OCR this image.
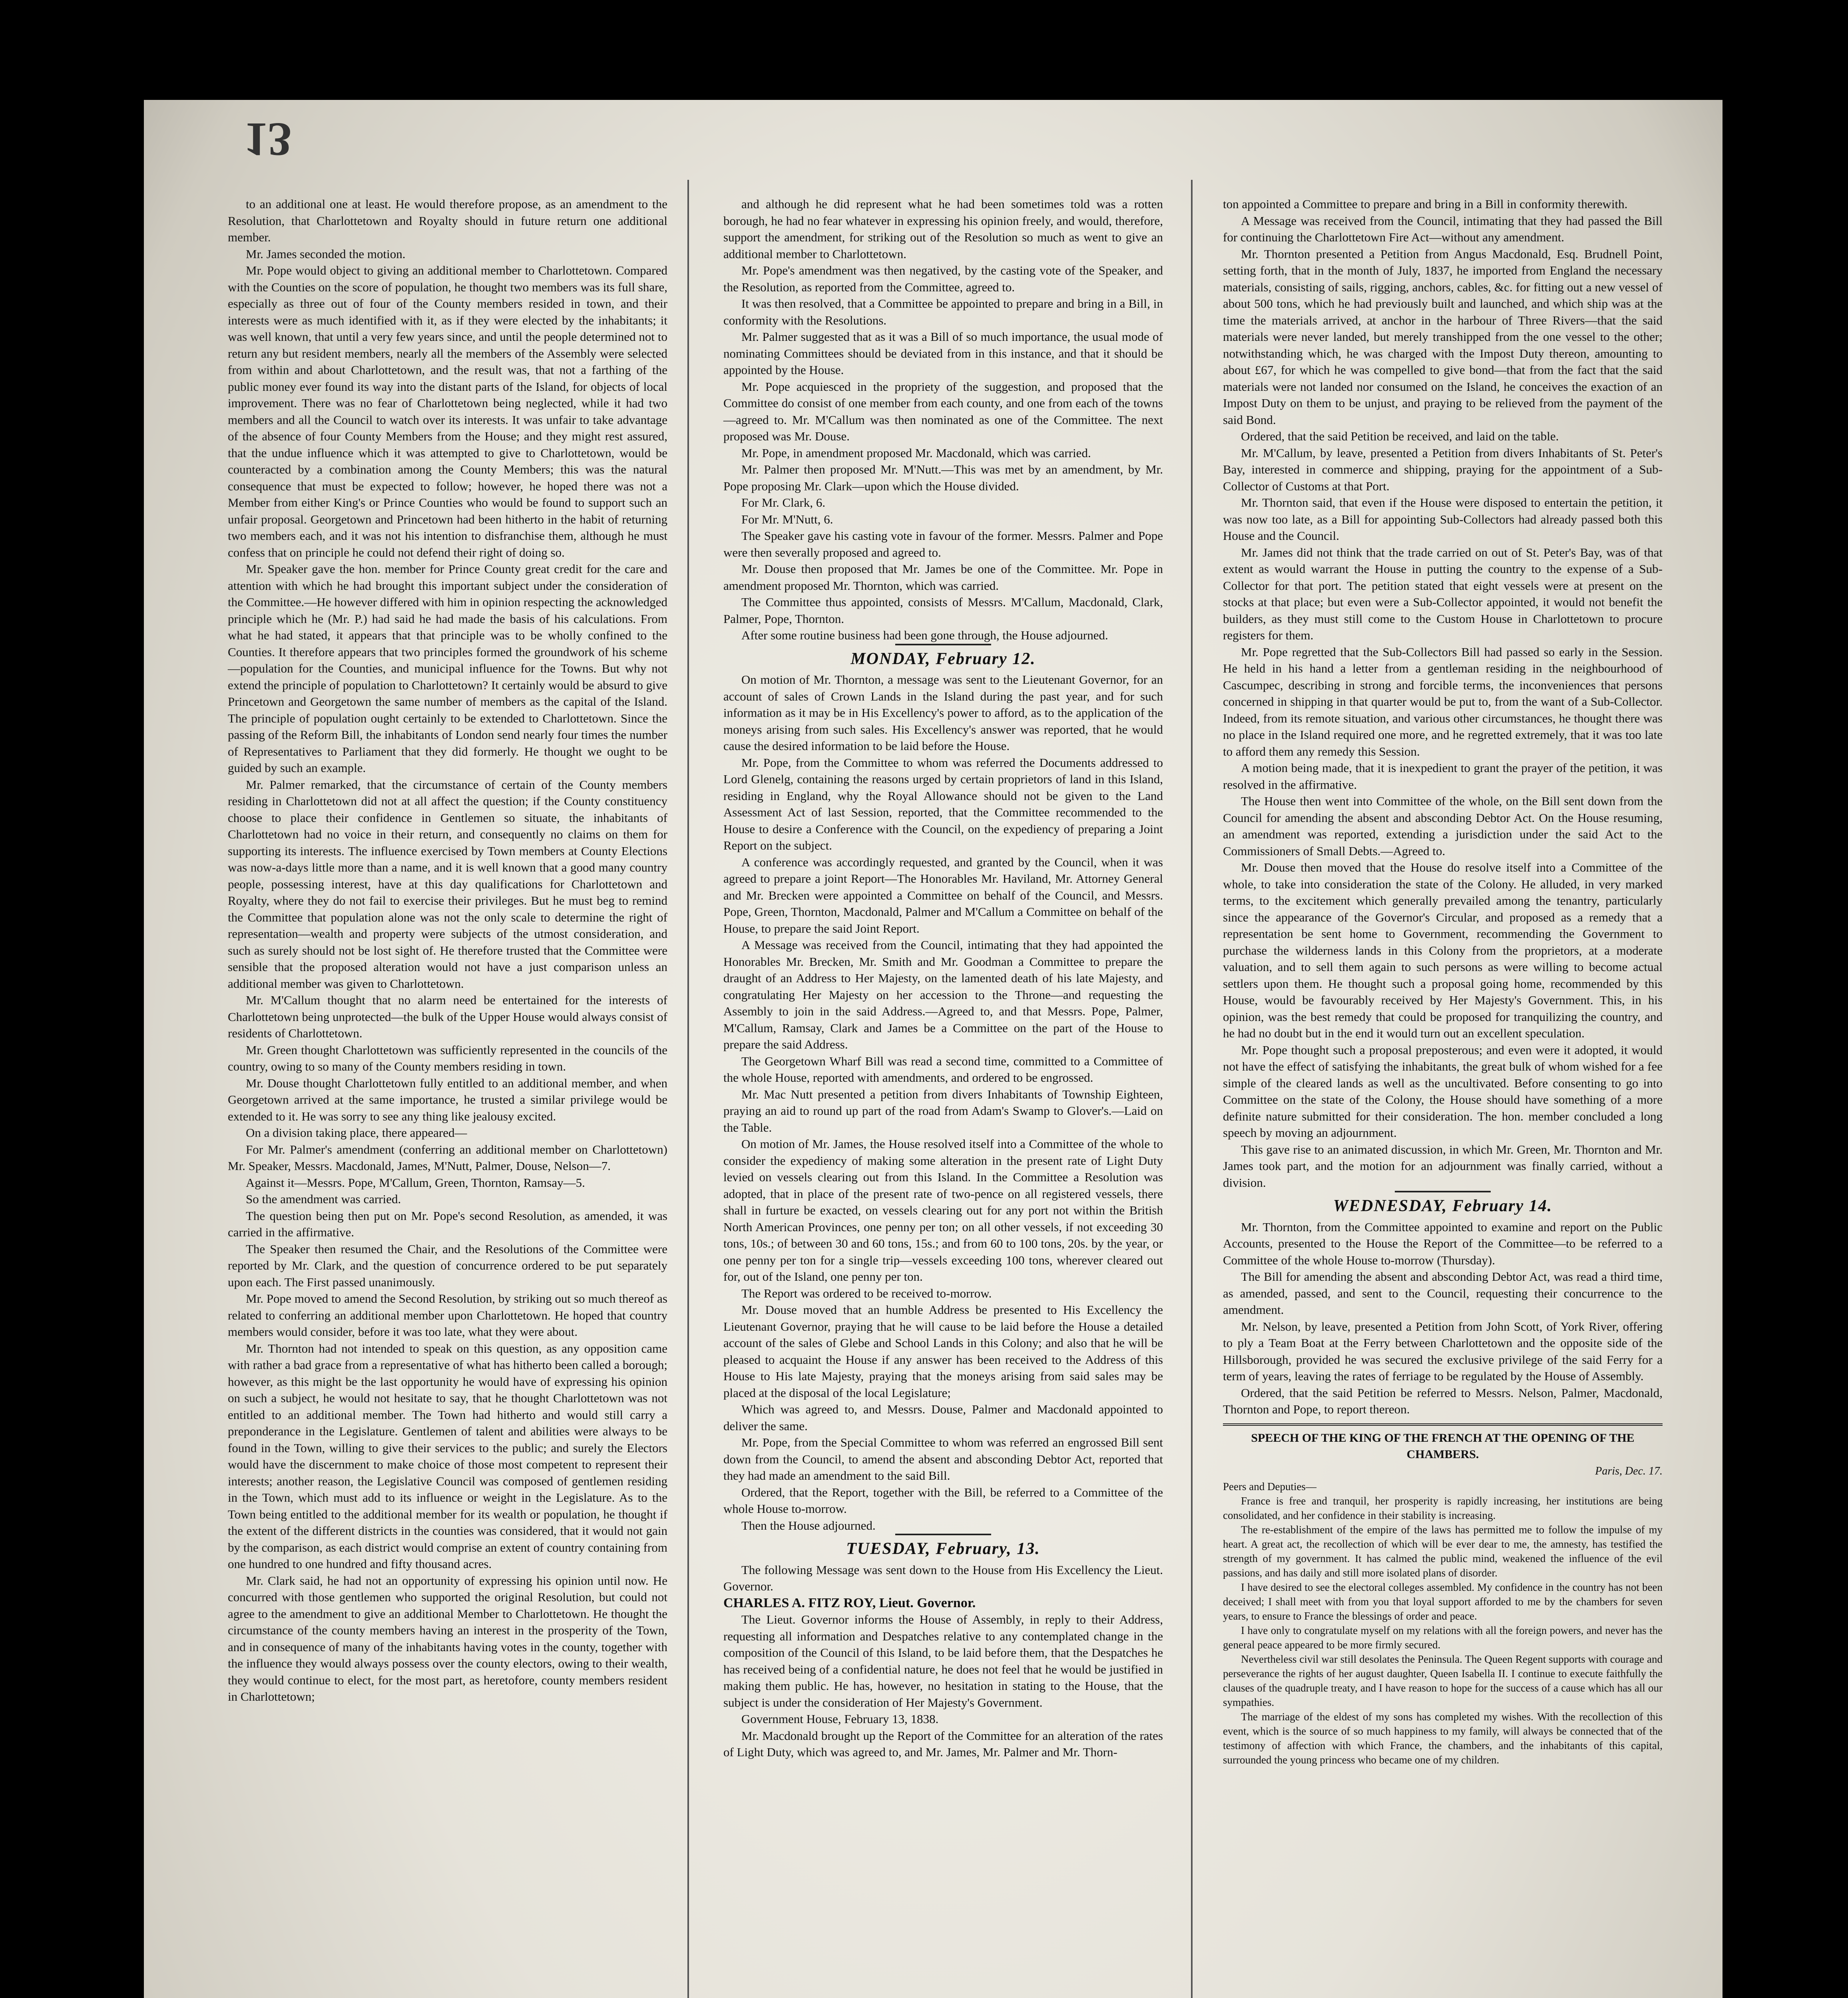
13

to an additional one at least. He would therefore propose, as an amendment to the Resolution, that Charlottetown and Royalty should in future return one additional member.

Mr. James seconded the motion.

Mr. Pope would object to giving an additional member to Charlottetown. Compared with the Counties on the score of population, he thought two members was its full share, especially as three out of four of the County members resided in town, and their interests were as much identified with it, as if they were elected by the inhabitants; it was well known, that until a very few years since, and until the people determined not to return any but resident members, nearly all the members of the Assembly were selected from within and about Charlottetown, and the result was, that not a farthing of the public money ever found its way into the distant parts of the Island, for objects of local improvement. There was no fear of Charlottetown being neglected, while it had two members and all the Council to watch over its interests. It was unfair to take advantage of the absence of four County Members from the House; and they might rest assured, that the undue influence which it was attempted to give to Charlottetown, would be counteracted by a combination among the County Members; this was the natural consequence that must be expected to follow; however, he hoped there was not a Member from either King's or Prince Counties who would be found to support such an unfair proposal. Georgetown and Princetown had been hitherto in the habit of returning two members each, and it was not his intention to disfranchise them, although he must confess that on principle he could not defend their right of doing so.

Mr. Speaker gave the hon. member for Prince County great credit for the care and attention with which he had brought this important subject under the consideration of the Committee.—He however differed with him in opinion respecting the acknowledged principle which he (Mr. P.) had said he had made the basis of his calculations. From what he had stated, it appears that that principle was to be wholly confined to the Counties. It therefore appears that two principles formed the groundwork of his scheme—population for the Counties, and municipal influence for the Towns. But why not extend the principle of population to Charlottetown? It certainly would be absurd to give Princetown and Georgetown the same number of members as the capital of the Island. The principle of population ought certainly to be extended to Charlottetown. Since the passing of the Reform Bill, the inhabitants of London send nearly four times the number of Representatives to Parliament that they did formerly. He thought we ought to be guided by such an example.

Mr. Palmer remarked, that the circumstance of certain of the County members residing in Charlottetown did not at all affect the question; if the County constituency choose to place their confidence in Gentlemen so situate, the inhabitants of Charlottetown had no voice in their return, and consequently no claims on them for supporting its interests. The influence exercised by Town members at County Elections was now-a-days little more than a name, and it is well known that a good many country people, possessing interest, have at this day qualifications for Charlottetown and Royalty, where they do not fail to exercise their privileges. But he must beg to remind the Committee that population alone was not the only scale to determine the right of representation—wealth and property were subjects of the utmost consideration, and such as surely should not be lost sight of. He therefore trusted that the Committee were sensible that the proposed alteration would not have a just comparison unless an additional member was given to Charlottetown.

Mr. M'Callum thought that no alarm need be entertained for the interests of Charlottetown being unprotected—the bulk of the Upper House would always consist of residents of Charlottetown.

Mr. Green thought Charlottetown was sufficiently represented in the councils of the country, owing to so many of the County members residing in town.

Mr. Douse thought Charlottetown fully entitled to an additional member, and when Georgetown arrived at the same importance, he trusted a similar privilege would be extended to it. He was sorry to see any thing like jealousy excited.

On a division taking place, there appeared—

For Mr. Palmer's amendment (conferring an additional member on Charlottetown) Mr. Speaker, Messrs. Macdonald, James, M'Nutt, Palmer, Douse, Nelson—7.

Against it—Messrs. Pope, M'Callum, Green, Thornton, Ramsay—5.

So the amendment was carried.

The question being then put on Mr. Pope's second Resolution, as amended, it was carried in the affirmative.

The Speaker then resumed the Chair, and the Resolutions of the Committee were reported by Mr. Clark, and the question of concurrence ordered to be put separately upon each. The First passed unanimously.

Mr. Pope moved to amend the Second Resolution, by striking out so much thereof as related to conferring an additional member upon Charlottetown. He hoped that country members would consider, before it was too late, what they were about.

Mr. Thornton had not intended to speak on this question, as any opposition came with rather a bad grace from a representative of what has hitherto been called a borough; however, as this might be the last opportunity he would have of expressing his opinion on such a subject, he would not hesitate to say, that he thought Charlottetown was not entitled to an additional member. The Town had hitherto and would still carry a preponderance in the Legislature. Gentlemen of talent and abilities were always to be found in the Town, willing to give their services to the public; and surely the Electors would have the discernment to make choice of those most competent to represent their interests; another reason, the Legislative Council was composed of gentlemen residing in the Town, which must add to its influence or weight in the Legislature. As to the Town being entitled to the additional member for its wealth or population, he thought if the extent of the different districts in the counties was considered, that it would not gain by the comparison, as each district would comprise an extent of country containing from one hundred to one hundred and fifty thousand acres.

Mr. Clark said, he had not an opportunity of expressing his opinion until now. He concurred with those gentlemen who supported the original Resolution, but could not agree to the amendment to give an additional Member to Charlottetown. He thought the circumstance of the county members having an interest in the prosperity of the Town, and in consequence of many of the inhabitants having votes in the county, together with the influence they would always possess over the county electors, owing to their wealth, they would continue to elect, for the most part, as heretofore, county members resident in Charlottetown;

and although he did represent what he had been sometimes told was a rotten borough, he had no fear whatever in expressing his opinion freely, and would, therefore, support the amendment, for striking out of the Resolution so much as went to give an additional member to Charlottetown.

Mr. Pope's amendment was then negatived, by the casting vote of the Speaker, and the Resolution, as reported from the Committee, agreed to.

It was then resolved, that a Committee be appointed to prepare and bring in a Bill, in conformity with the Resolutions.

Mr. Palmer suggested that as it was a Bill of so much importance, the usual mode of nominating Committees should be deviated from in this instance, and that it should be appointed by the House.

Mr. Pope acquiesced in the propriety of the suggestion, and proposed that the Committee do consist of one member from each county, and one from each of the towns—agreed to. Mr. M'Callum was then nominated as one of the Committee. The next proposed was Mr. Douse.

Mr. Pope, in amendment proposed Mr. Macdonald, which was carried.

Mr. Palmer then proposed Mr. M'Nutt.—This was met by an amendment, by Mr. Pope proposing Mr. Clark—upon which the House divided.

For Mr. Clark, 6.

For Mr. M'Nutt, 6.

The Speaker gave his casting vote in favour of the former. Messrs. Palmer and Pope were then severally proposed and agreed to.

Mr. Douse then proposed that Mr. James be one of the Committee. Mr. Pope in amendment proposed Mr. Thornton, which was carried.

The Committee thus appointed, consists of Messrs. M'Callum, Macdonald, Clark, Palmer, Pope, Thornton.

After some routine business had been gone through, the House adjourned.

MONDAY, February 12.

On motion of Mr. Thornton, a message was sent to the Lieutenant Governor, for an account of sales of Crown Lands in the Island during the past year, and for such information as it may be in His Excellency's power to afford, as to the application of the moneys arising from such sales. His Excellency's answer was reported, that he would cause the desired information to be laid before the House.

Mr. Pope, from the Committee to whom was referred the Documents addressed to Lord Glenelg, containing the reasons urged by certain proprietors of land in this Island, residing in England, why the Royal Allowance should not be given to the Land Assessment Act of last Session, reported, that the Committee recommended to the House to desire a Conference with the Council, on the expediency of preparing a Joint Report on the subject.

A conference was accordingly requested, and granted by the Council, when it was agreed to prepare a joint Report—The Honorables Mr. Haviland, Mr. Attorney General and Mr. Brecken were appointed a Committee on behalf of the Council, and Messrs. Pope, Green, Thornton, Macdonald, Palmer and M'Callum a Committee on behalf of the House, to prepare the said Joint Report.

A Message was received from the Council, intimating that they had appointed the Honorables Mr. Brecken, Mr. Smith and Mr. Goodman a Committee to prepare the draught of an Address to Her Majesty, on the lamented death of his late Majesty, and congratulating Her Majesty on her accession to the Throne—and requesting the Assembly to join in the said Address.—Agreed to, and that Messrs. Pope, Palmer, M'Callum, Ramsay, Clark and James be a Committee on the part of the House to prepare the said Address.

The Georgetown Wharf Bill was read a second time, committed to a Committee of the whole House, reported with amendments, and ordered to be engrossed.

Mr. Mac Nutt presented a petition from divers Inhabitants of Township Eighteen, praying an aid to round up part of the road from Adam's Swamp to Glover's.—Laid on the Table.

On motion of Mr. James, the House resolved itself into a Committee of the whole to consider the expediency of making some alteration in the present rate of Light Duty levied on vessels clearing out from this Island. In the Committee a Resolution was adopted, that in place of the present rate of two-pence on all registered vessels, there shall in furture be exacted, on vessels clearing out for any port not within the British North American Provinces, one penny per ton; on all other vessels, if not exceeding 30 tons, 10s.; of between 30 and 60 tons, 15s.; and from 60 to 100 tons, 20s. by the year, or one penny per ton for a single trip—vessels exceeding 100 tons, wherever cleared out for, out of the Island, one penny per ton.

The Report was ordered to be received to-morrow.

Mr. Douse moved that an humble Address be presented to His Excellency the Lieutenant Governor, praying that he will cause to be laid before the House a detailed account of the sales of Glebe and School Lands in this Colony; and also that he will be pleased to acquaint the House if any answer has been received to the Address of this House to His late Majesty, praying that the moneys arising from said sales may be placed at the disposal of the local Legislature;

Which was agreed to, and Messrs. Douse, Palmer and Macdonald appointed to deliver the same.

Mr. Pope, from the Special Committee to whom was referred an engrossed Bill sent down from the Council, to amend the absent and absconding Debtor Act, reported that they had made an amendment to the said Bill.

Ordered, that the Report, together with the Bill, be referred to a Committee of the whole House to-morrow.

Then the House adjourned.

TUESDAY, February, 13.

The following Message was sent down to the House from His Excellency the Lieut. Governor.

CHARLES A. FITZ ROY, Lieut. Governor.

The Lieut. Governor informs the House of Assembly, in reply to their Address, requesting all information and Despatches relative to any contemplated change in the composition of the Council of this Island, to be laid before them, that the Despatches he has received being of a confidential nature, he does not feel that he would be justified in making them public. He has, however, no hesitation in stating to the House, that the subject is under the consideration of Her Majesty's Government.

Government House, February 13, 1838.

Mr. Macdonald brought up the Report of the Committee for an alteration of the rates of Light Duty, which was agreed to, and Mr. James, Mr. Palmer and Mr. Thorn-

ton appointed a Committee to prepare and bring in a Bill in conformity therewith.

A Message was received from the Council, intimating that they had passed the Bill for continuing the Charlottetown Fire Act—without any amendment.

Mr. Thornton presented a Petition from Angus Macdonald, Esq. Brudnell Point, setting forth, that in the month of July, 1837, he imported from England the necessary materials, consisting of sails, rigging, anchors, cables, &c. for fitting out a new vessel of about 500 tons, which he had previously built and launched, and which ship was at the time the materials arrived, at anchor in the harbour of Three Rivers—that the said materials were never landed, but merely transhipped from the one vessel to the other; notwithstanding which, he was charged with the Impost Duty thereon, amounting to about £67, for which he was compelled to give bond—that from the fact that the said materials were not landed nor consumed on the Island, he conceives the exaction of an Impost Duty on them to be unjust, and praying to be relieved from the payment of the said Bond.

Ordered, that the said Petition be received, and laid on the table.

Mr. M'Callum, by leave, presented a Petition from divers Inhabitants of St. Peter's Bay, interested in commerce and shipping, praying for the appointment of a Sub-Collector of Customs at that Port.

Mr. Thornton said, that even if the House were disposed to entertain the petition, it was now too late, as a Bill for appointing Sub-Collectors had already passed both this House and the Council.

Mr. James did not think that the trade carried on out of St. Peter's Bay, was of that extent as would warrant the House in putting the country to the expense of a Sub-Collector for that port. The petition stated that eight vessels were at present on the stocks at that place; but even were a Sub-Collector appointed, it would not benefit the builders, as they must still come to the Custom House in Charlottetown to procure registers for them.

Mr. Pope regretted that the Sub-Collectors Bill had passed so early in the Session. He held in his hand a letter from a gentleman residing in the neighbourhood of Cascumpec, describing in strong and forcible terms, the inconveniences that persons concerned in shipping in that quarter would be put to, from the want of a Sub-Collector. Indeed, from its remote situation, and various other circumstances, he thought there was no place in the Island required one more, and he regretted extremely, that it was too late to afford them any remedy this Session.

A motion being made, that it is inexpedient to grant the prayer of the petition, it was resolved in the affirmative.

The House then went into Committee of the whole, on the Bill sent down from the Council for amending the absent and absconding Debtor Act. On the House resuming, an amendment was reported, extending a jurisdiction under the said Act to the Commissioners of Small Debts.—Agreed to.

Mr. Douse then moved that the House do resolve itself into a Committee of the whole, to take into consideration the state of the Colony. He alluded, in very marked terms, to the excitement which generally prevailed among the tenantry, particularly since the appearance of the Governor's Circular, and proposed as a remedy that a representation be sent home to Government, recommending the Government to purchase the wilderness lands in this Colony from the proprietors, at a moderate valuation, and to sell them again to such persons as were willing to become actual settlers upon them. He thought such a proposal going home, recommended by this House, would be favourably received by Her Majesty's Government. This, in his opinion, was the best remedy that could be proposed for tranquilizing the country, and he had no doubt but in the end it would turn out an excellent speculation.

Mr. Pope thought such a proposal preposterous; and even were it adopted, it would not have the effect of satisfying the inhabitants, the great bulk of whom wished for a fee simple of the cleared lands as well as the uncultivated. Before consenting to go into Committee on the state of the Colony, the House should have something of a more definite nature submitted for their consideration. The hon. member concluded a long speech by moving an adjournment.

This gave rise to an animated discussion, in which Mr. Green, Mr. Thornton and Mr. James took part, and the motion for an adjournment was finally carried, without a division.

WEDNESDAY, February 14.

Mr. Thornton, from the Committee appointed to examine and report on the Public Accounts, presented to the House the Report of the Committee—to be referred to a Committee of the whole House to-morrow (Thursday).

The Bill for amending the absent and absconding Debtor Act, was read a third time, as amended, passed, and sent to the Council, requesting their concurrence to the amendment.

Mr. Nelson, by leave, presented a Petition from John Scott, of York River, offering to ply a Team Boat at the Ferry between Charlottetown and the opposite side of the Hillsborough, provided he was secured the exclusive privilege of the said Ferry for a term of years, leaving the rates of ferriage to be regulated by the House of Assembly.

Ordered, that the said Petition be referred to Messrs. Nelson, Palmer, Macdonald, Thornton and Pope, to report thereon.

SPEECH OF THE KING OF THE FRENCH AT THE OPENING OF THE CHAMBERS.

Paris, Dec. 17.

Peers and Deputies—

France is free and tranquil, her prosperity is rapidly increasing, her institutions are being consolidated, and her confidence in their stability is increasing.

The re-establishment of the empire of the laws has permitted me to follow the impulse of my heart. A great act, the recollection of which will be ever dear to me, the amnesty, has testified the strength of my government. It has calmed the public mind, weakened the influence of the evil passions, and has daily and still more isolated plans of disorder.

I have desired to see the electoral colleges assembled. My confidence in the country has not been deceived; I shall meet with from you that loyal support afforded to me by the chambers for seven years, to ensure to France the blessings of order and peace.

I have only to congratulate myself on my relations with all the foreign powers, and never has the general peace appeared to be more firmly secured.

Nevertheless civil war still desolates the Peninsula. The Queen Regent supports with courage and perseverance the rights of her august daughter, Queen Isabella II. I continue to execute faithfully the clauses of the quadruple treaty, and I have reason to hope for the success of a cause which has all our sympathies.

The marriage of the eldest of my sons has completed my wishes. With the recollection of this event, which is the source of so much happiness to my family, will always be connected that of the testimony of affection with which France, the chambers, and the inhabitants of this capital, surrounded the young princess who became one of my children.
